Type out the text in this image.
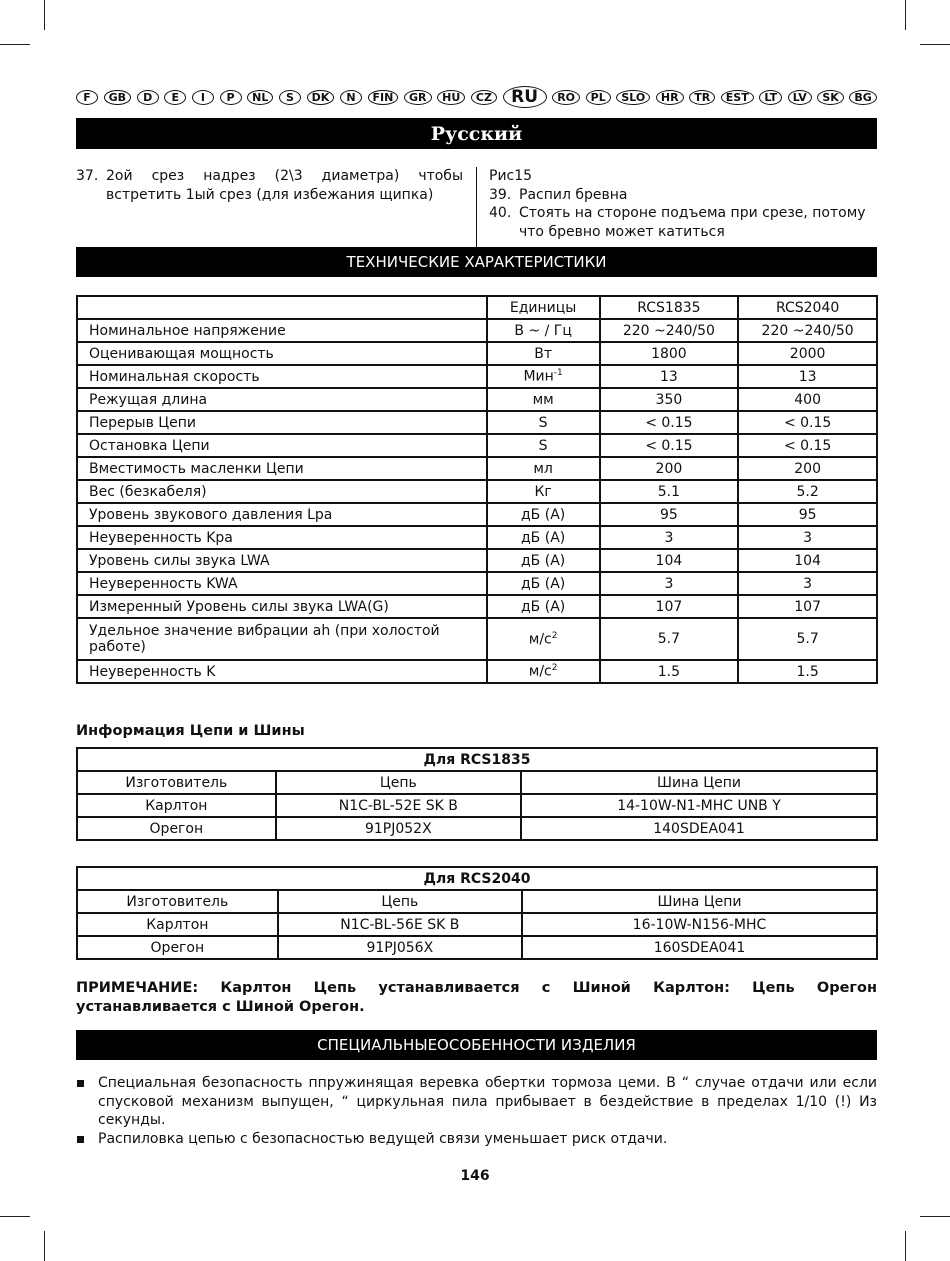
F	GB	D	E	I	P	NL	S	DK	N	FIN	GR	HU	CZ	RU	RO	PL	SLO	HR	TR	EST	LT	LV	SK	BG
Русский
37. 2ой срез надрез (2\3 диаметра) чтобы встретить 1ый срез (для избежания щипка)
Рис15
39. Распил бревна
40. Стоять на стороне подъема при срезе, потому что бревно может катиться
ТЕХНИЧЕСКИЕ ХАРАКТЕРИСТИКИ
	Единицы	RCS1835	RCS2040
Номинальное напряжение	В ~ / Гц	220 ~240/50	220 ~240/50
Оценивающая мощность	Вт	1800	2000
Номинальная скорость	Мин$^{-1}$	13	13
Режущая длина	мм	350	400
Перерыв Цепи	S	< 0.15	< 0.15
Остановка Цепи	S	< 0.15	< 0.15
Вместимость масленки Цепи	мл	200	200
Вес (безкабеля)	Кг	5.1	5.2
Уровень звукового давления Lpa	дБ (A)	95	95
Неуверенность Kpa	дБ (A)	3	3
Уровень силы звука LWA	дБ (A)	104	104
Неуверенность KWA	дБ (A)	3	3
Измеренный Уровень силы звука LWA(G)	дБ (A)	107	107
Удельное значение вибрации ah (при холостой работе)	$м/с^2$	5.7	5.7
Неуверенность K	$м/с^2$	1.5	1.5
Информация Цепи и Шины
Для RCS1835		
Изготовитель	Цепь	Шина Цепи
Карлтон	N1C-BL-52E SK B	14-10W-N1-MHC UNB Y
Орегон	91PJ052X	140SDEA041
Для RCS2040		
Изготовитель	Цепь	Шина Цепи
Карлтон	N1C-BL-56E SK B	16-10W-N156-MHC
Орегон	91PJ056X	160SDEA041
ПРИМЕЧАНИЕ: Карлтон Цепь устанавливается с Шиной Карлтон: Цепь Орегон устанавливается с Шиной Орегон.
СПЕЦИАЛЬНЫЕОСОБЕННОСТИ ИЗДЕЛИЯ
Специальная безопасность ппружинящая веревка обертки тормоза цеми. В “ случае отдачи или если спусковой механизм выпущен, “ циркульная пила прибывает в бездействие в пределах 1/10 (!) Из секунды.
Распиловка цепью с безопасностью ведущей связи уменьшает риск отдачи.
146
